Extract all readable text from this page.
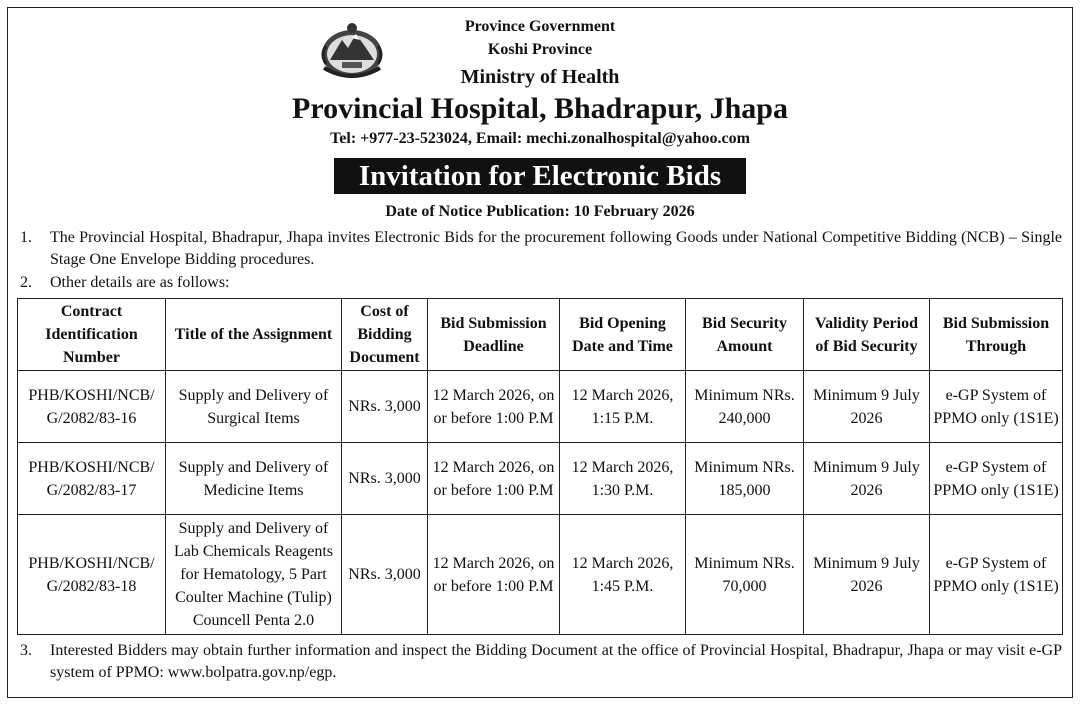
Province Government
Koshi Province
Ministry of Health
Provincial Hospital, Bhadrapur, Jhapa
Tel: +977-23-523024, Email: mechi.zonalhospital@yahoo.com
Invitation for Electronic Bids
Date of Notice Publication: 10 February 2026
1.	The Provincial Hospital, Bhadrapur, Jhapa invites Electronic Bids for the procurement following Goods under National Competitive Bidding (NCB) – Single Stage One Envelope Bidding procedures.
2.	Other details are as follows:
Contract Identification Number	Title of the Assignment	Cost of Bidding Document	Bid Submission Deadline	Bid Opening Date and Time	Bid Security Amount	Validity Period of Bid Security	Bid Submission Through
PHB/KOSHI/NCB/ G/2082/83-16	Supply and Delivery of Surgical Items	NRs. 3,000	12 March 2026, on or before 1:00 P.M	12 March 2026, 1:15 P.M.	Minimum NRs. 240,000	Minimum 9 July 2026	e-GP System of PPMO only (1S1E)
PHB/KOSHI/NCB/ G/2082/83-17	Supply and Delivery of Medicine Items	NRs. 3,000	12 March 2026, on or before 1:00 P.M	12 March 2026, 1:30 P.M.	Minimum NRs. 185,000	Minimum 9 July 2026	e-GP System of PPMO only (1S1E)
PHB/KOSHI/NCB/ G/2082/83-18	Supply and Delivery of Lab Chemicals Reagents for Hematology, 5 Part Coulter Machine (Tulip) Councell Penta 2.0	NRs. 3,000	12 March 2026, on or before 1:00 P.M	12 March 2026, 1:45 P.M.	Minimum NRs. 70,000	Minimum 9 July 2026	e-GP System of PPMO only (1S1E)
3.	Interested Bidders may obtain further information and inspect the Bidding Document at the office of Provincial Hospital, Bhadrapur, Jhapa or may visit e-GP system of PPMO: www.bolpatra.gov.np/egp.
